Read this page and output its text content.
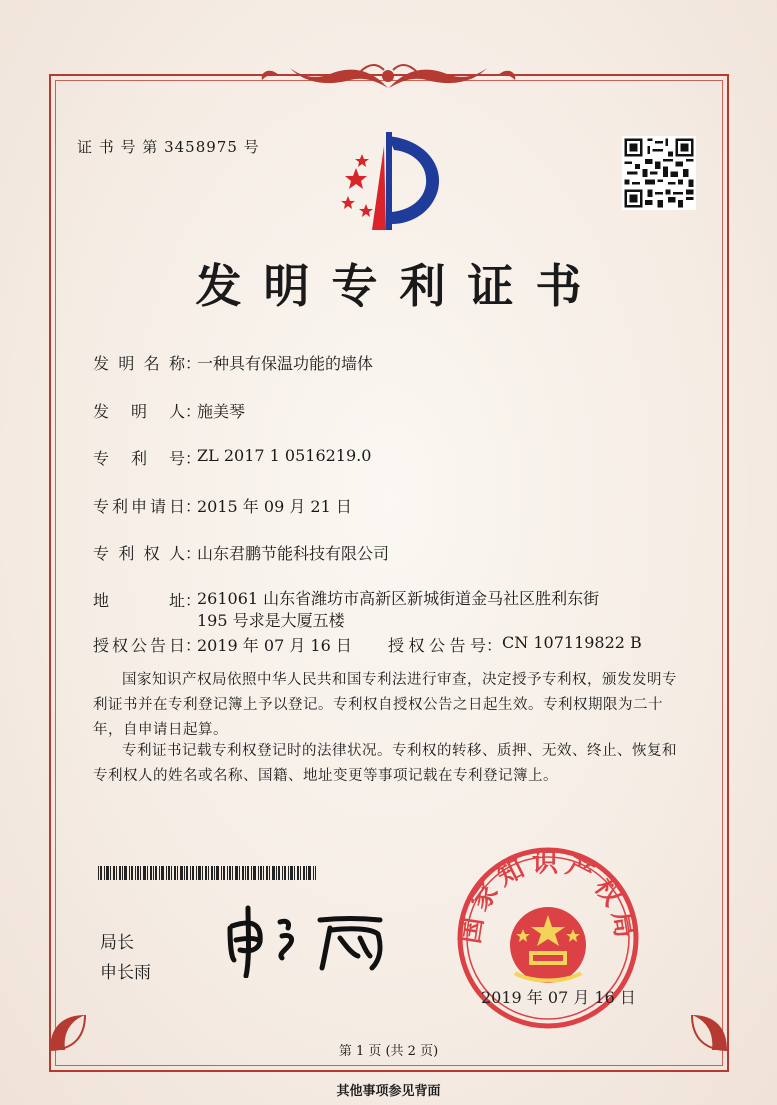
证 书 号 第 3458975 号
发明专利证书
发 明 名 称 ：
一种具有保温功能的墙体
发 明 人 ：
施美琴
专 利 号 ：
ZL 2017 1 0516219.0
专利申请日 ：
2015 年 09 月 21 日
专 利 权 人 ：
山东君鹏节能科技有限公司
地 址 ：
261061 山东省潍坊市高新区新城街道金马社区胜利东街 195 号求是大厦五楼
授权公告日 ：
2019 年 07 月 16 日 授权公告号 ： CN 107119822 B
国家知识产权局依照中华人民共和国专利法进行审查，决定授予专利权，颁发发明专利证书并在专利登记簿上予以登记。专利权自授权公告之日起生效。专利权期限为二十年，自申请日起算。
专利证书记载专利权登记时的法律状况。专利权的转移、质押、无效、终止、恢复和专利权人的姓名或名称、国籍、地址变更等事项记载在专利登记簿上。
局长
申长雨
国家知识产权局
2019 年 07 月 16 日
第 1 页 (共 2 页)
其他事项参见背面
